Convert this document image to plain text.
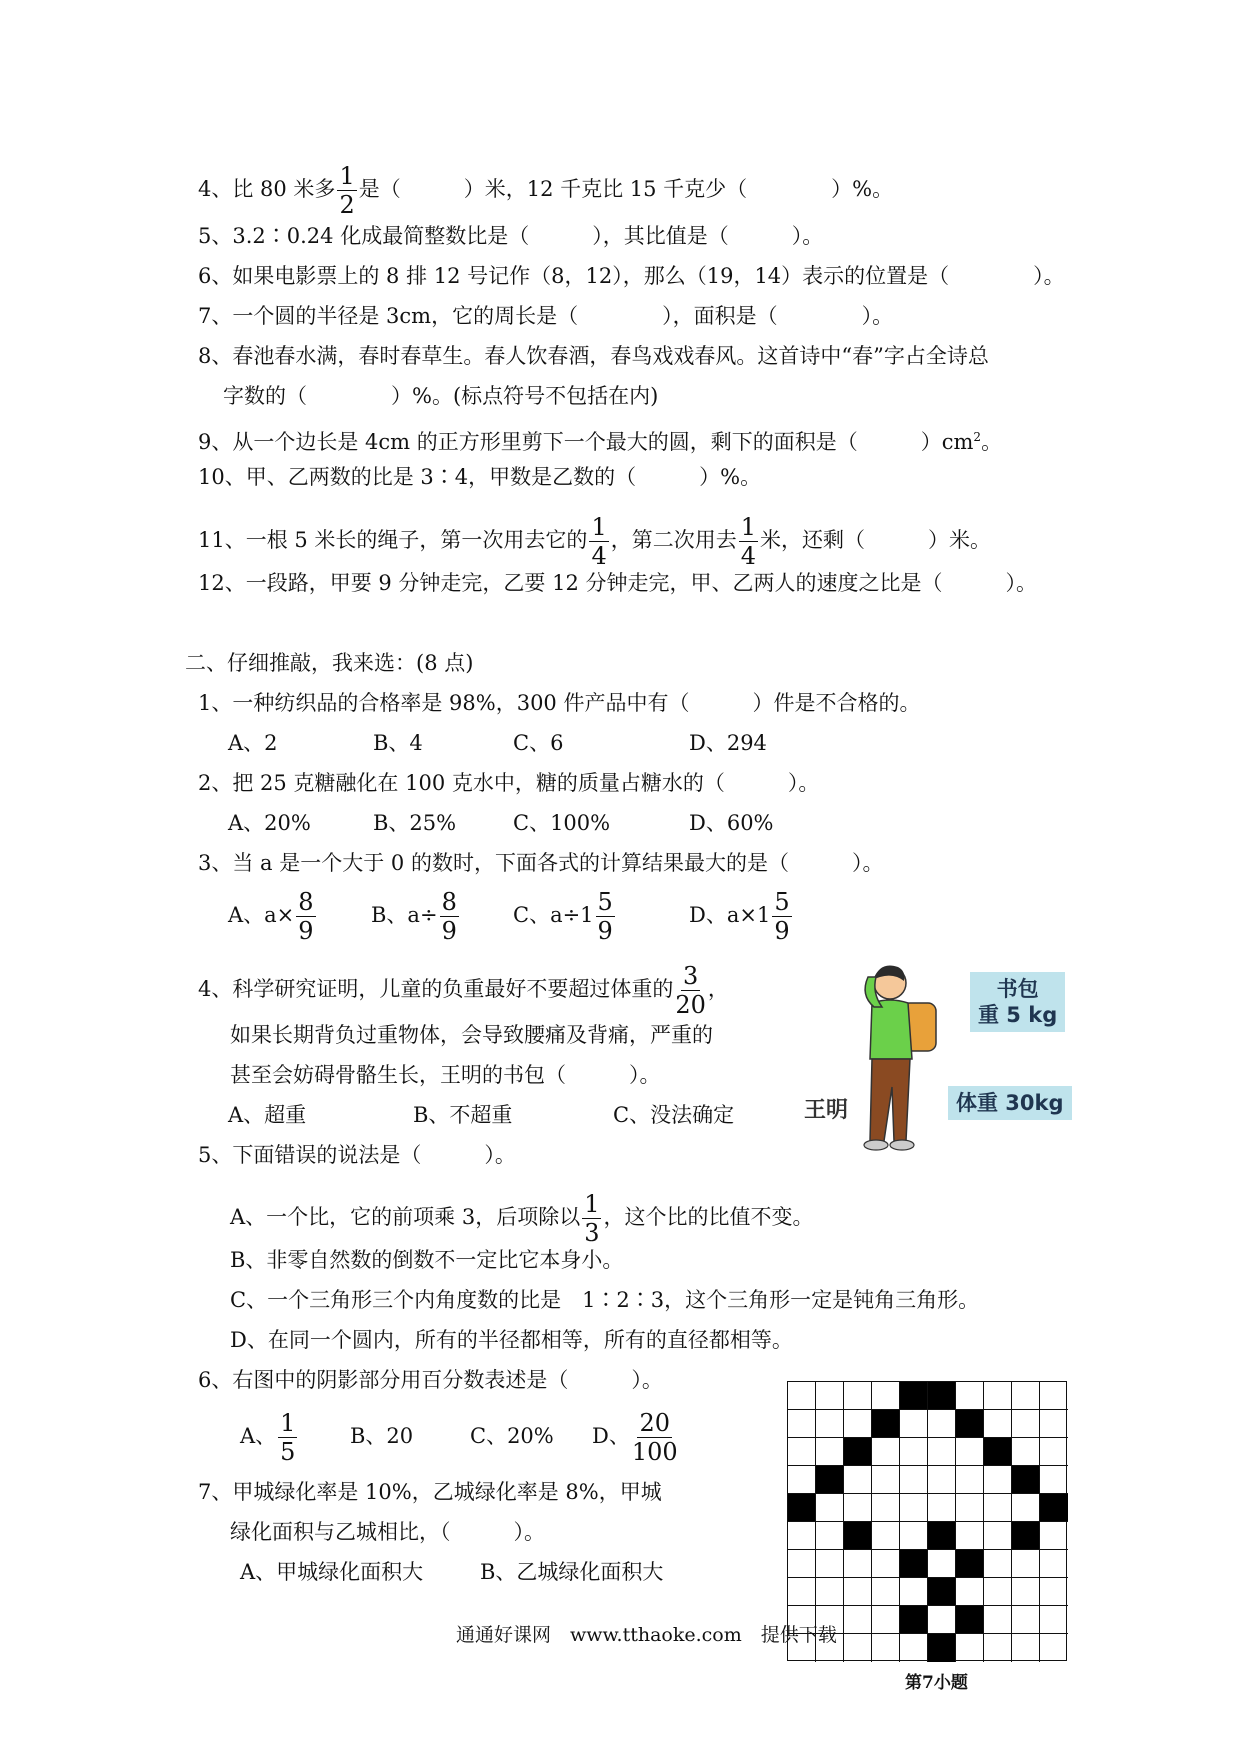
4、比 80 米多 $\frac{1}{2}$ 是（　　　）米，12 千克比 15 千克少（　　　　）%。
5、3.2∶0.24 化成最简整数比是（　　　），其比值是（　　　）。
6、如果电影票上的 8 排 12 号记作（8，12），那么（19，14）表示的位置是（　　　　）。
7、一个圆的半径是 3cm，它的周长是（　　　　），面积是（　　　　）。
8、春池春水满，春时春草生。春人饮春酒，春鸟戏戏春风。这首诗中“春”字占全诗总
字数的（　　　　）%。(标点符号不包括在内)
9、从一个边长是 4cm 的正方形里剪下一个最大的圆，剩下的面积是（　　　）$cm^2$。
10、甲、乙两数的比是 3∶4，甲数是乙数的（　　　）%。
11、一根 5 米长的绳子，第一次用去它的 $\frac{1}{4}$ ，第二次用去 $\frac{1}{4}$ 米，还剩（　　　）米。
12、一段路，甲要 9 分钟走完，乙要 12 分钟走完，甲、乙两人的速度之比是（　　　）。
二、仔细推敲，我来选：(8 点)
1、一种纺织品的合格率是 98%，300 件产品中有（　　　）件是不合格的。
A、2	B、4	C、6	D、294
2、把 25 克糖融化在 100 克水中，糖的质量占糖水的（　　　）。
A、20%	B、25%	C、100%	D、60%
3、当 a 是一个大于 0 的数时，下面各式的计算结果最大的是（　　　）。
A、$a\times \frac{8}{9}$	B、$a\div \frac{8}{9}$	C、$a\div 1 \frac{5}{9}$	D、$a\times 1 \frac{5}{9}$
4、科学研究证明，儿童的负重最好不要超过体重的 $\frac{3}{20}$ ，
如果长期背负过重物体，会导致腰痛及背痛，严重的
甚至会妨碍骨骼生长，王明的书包（　　　）。
A、超重	B、不超重	C、没法确定
书包
重 5 kg
体重 30kg
王明
5、下面错误的说法是（　　　）。
A、一个比，它的前项乘 3，后项除以 $\frac{1}{3}$ ，这个比的比值不变。
B、非零自然数的倒数不一定比它本身小。
C、一个三角形三个内角度数的比是　1∶2∶3，这个三角形一定是钝角三角形。
D、在同一个圆内，所有的半径都相等，所有的直径都相等。
6、右图中的阴影部分用百分数表述是（　　　）。
A、 $\frac{1}{5}$	B、20	C、20% D、 $\frac{20}{100}$
7、甲城绿化率是 10%，乙城绿化率是 8%，甲城
绿化面积与乙城相比，（　　　）。
A、甲城绿化面积大	B、乙城绿化面积大
第7小题
通通好课网　www.tthaoke.com　提供下载
